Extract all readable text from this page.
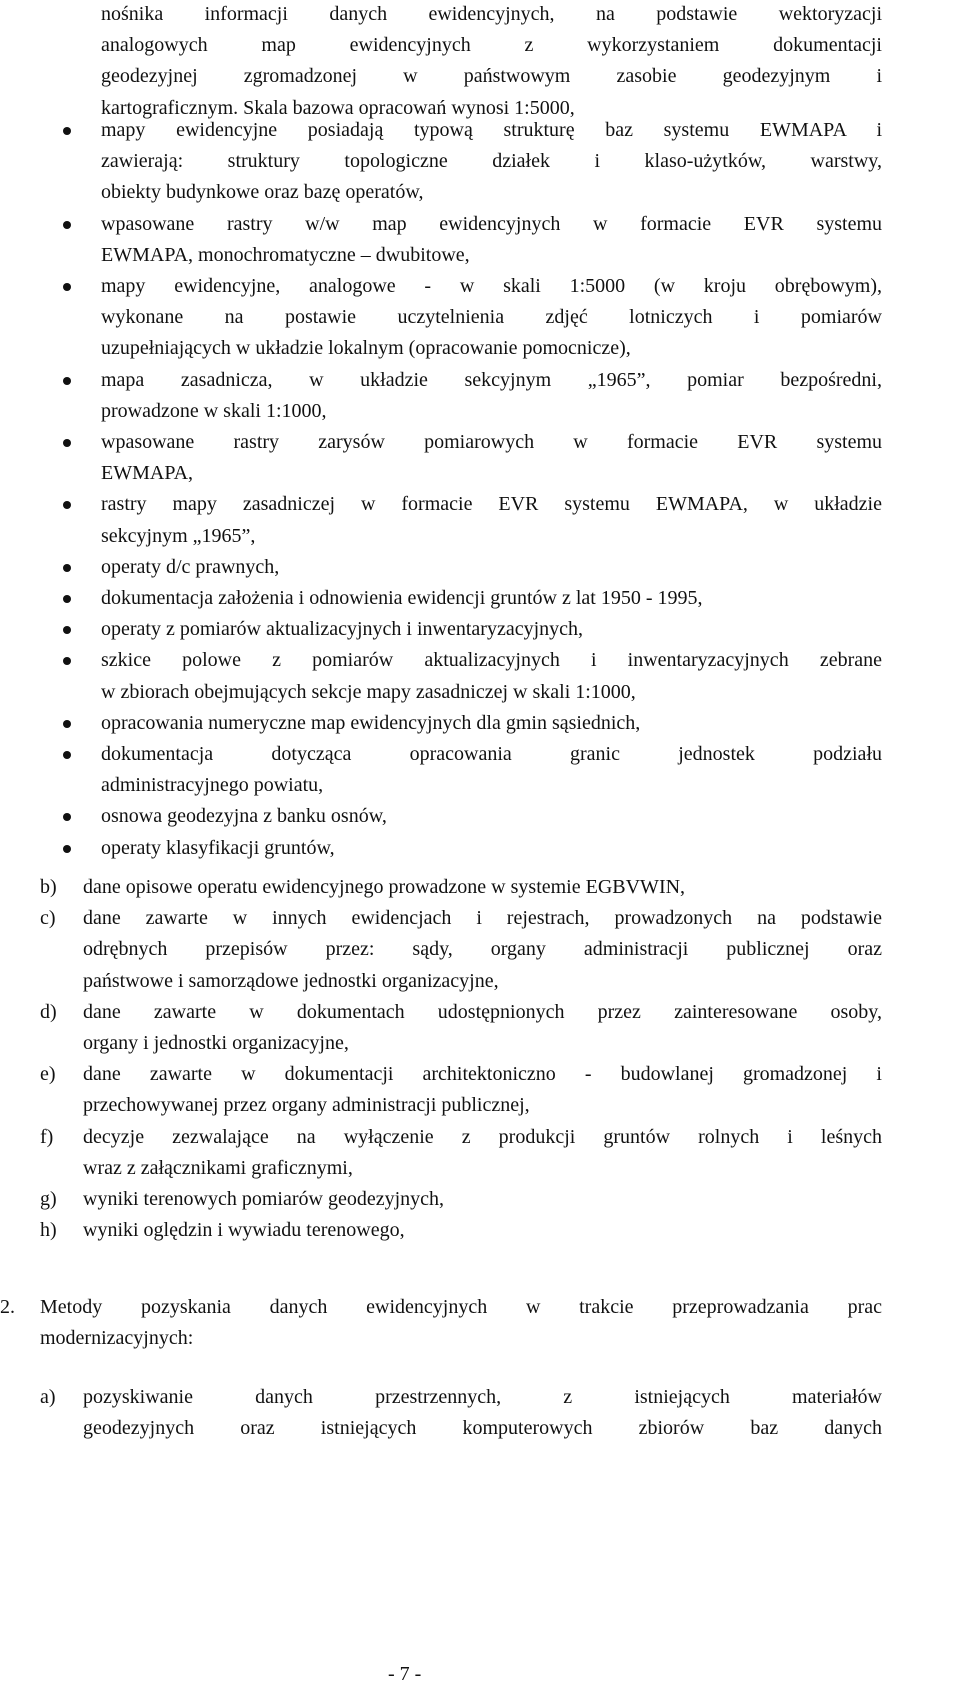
nośnika informacji danych ewidencyjnych, na podstawie wektoryzacji
analogowych map ewidencyjnych z wykorzystaniem dokumentacji
geodezyjnej zgromadzonej w państwowym zasobie geodezyjnym i
kartograficznym. Skala bazowa opracowań wynosi 1:5000,
mapy ewidencyjne posiadają typową strukturę baz systemu EWMAPA i
zawierają: struktury topologiczne działek i klaso-użytków, warstwy,
obiekty budynkowe oraz bazę operatów,
wpasowane rastry w/w map ewidencyjnych w formacie EVR systemu
EWMAPA, monochromatyczne – dwubitowe,
mapy ewidencyjne, analogowe - w skali 1:5000 (w kroju obrębowym),
wykonane na postawie uczytelnienia zdjęć lotniczych i pomiarów
uzupełniających w układzie lokalnym (opracowanie pomocnicze),
mapa zasadnicza, w układzie sekcyjnym „1965”, pomiar bezpośredni,
prowadzone w skali 1:1000,
wpasowane rastry zarysów pomiarowych w formacie EVR systemu
EWMAPA,
rastry mapy zasadniczej w formacie EVR systemu EWMAPA, w układzie
sekcyjnym „1965”,
operaty d/c prawnych,
dokumentacja założenia i odnowienia ewidencji gruntów z lat 1950 - 1995,
operaty z pomiarów aktualizacyjnych i inwentaryzacyjnych,
szkice polowe z pomiarów aktualizacyjnych i inwentaryzacyjnych zebrane
w zbiorach obejmujących sekcje mapy zasadniczej w skali 1:1000,
opracowania numeryczne map ewidencyjnych dla gmin sąsiednich,
dokumentacja dotycząca opracowania granic jednostek podziału
administracyjnego powiatu,
osnowa geodezyjna z banku osnów,
operaty klasyfikacji gruntów,
b) dane opisowe operatu ewidencyjnego prowadzone w systemie EGBVWIN,
c) dane zawarte w innych ewidencjach i rejestrach, prowadzonych na podstawie
odrębnych przepisów przez: sądy, organy administracji publicznej oraz
państwowe i samorządowe jednostki organizacyjne,
d) dane zawarte w dokumentach udostępnionych przez zainteresowane osoby,
organy i jednostki organizacyjne,
e) dane zawarte w dokumentacji architektoniczno - budowlanej gromadzonej i
przechowywanej przez organy administracji publicznej,
f) decyzje zezwalające na wyłączenie z produkcji gruntów rolnych i leśnych
wraz z załącznikami graficznymi,
g) wyniki terenowych pomiarów geodezyjnych,
h) wyniki oględzin i wywiadu terenowego,
2. Metody pozyskania danych ewidencyjnych w trakcie przeprowadzania prac
modernizacyjnych:
a) pozyskiwanie danych przestrzennych, z istniejących materiałów
geodezyjnych oraz istniejących komputerowych zbiorów baz danych
- 7 -
